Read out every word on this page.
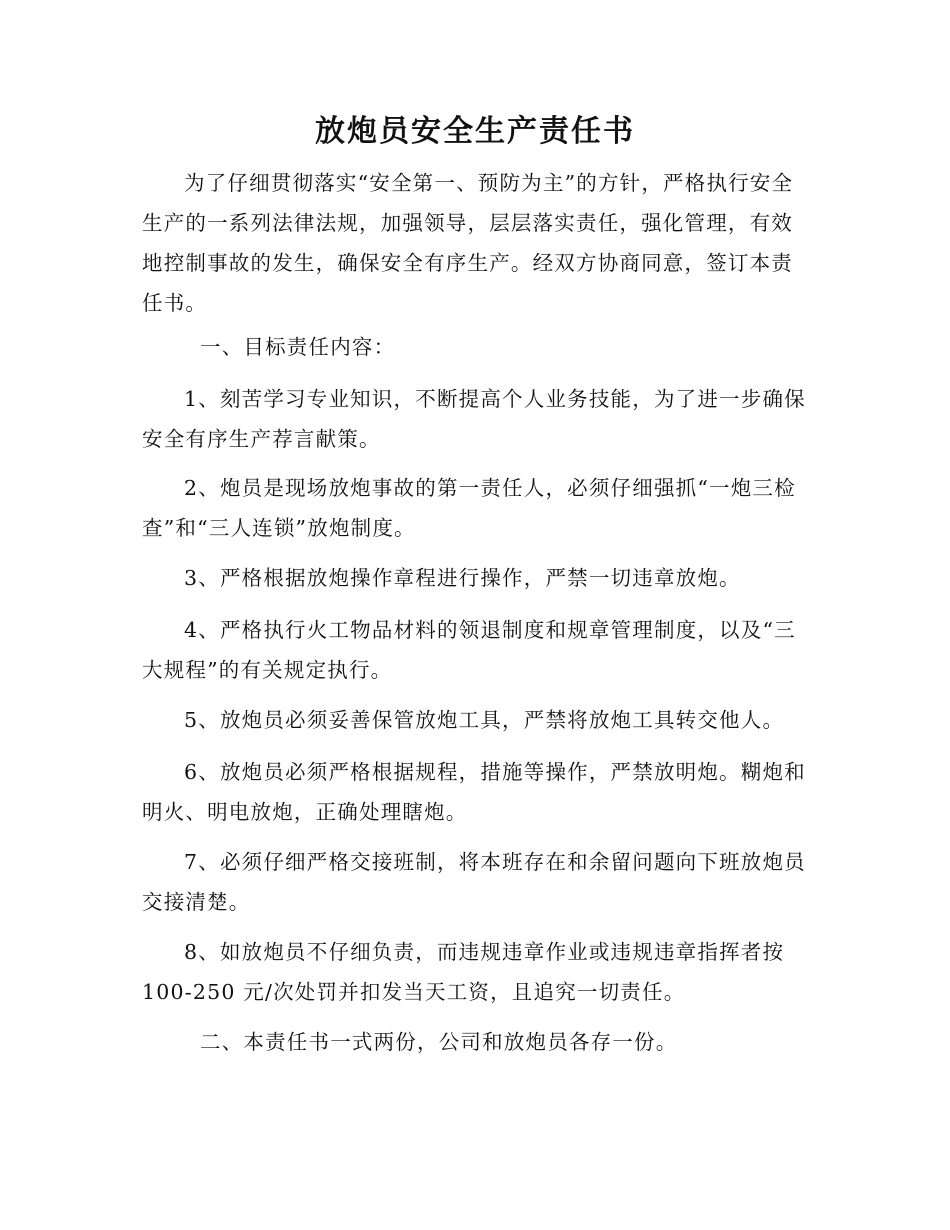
放炮员安全生产责任书

为了仔细贯彻落实“安全第一、预防为主”的方针，严格执行安全生产的一系列法律法规，加强领导，层层落实责任，强化管理，有效地控制事故的发生，确保安全有序生产。经双方协商同意，签订本责任书。

一、目标责任内容：

1、刻苦学习专业知识，不断提高个人业务技能，为了进一步确保安全有序生产荐言献策。

2、炮员是现场放炮事故的第一责任人，必须仔细强抓“一炮三检查”和“三人连锁”放炮制度。

3、严格根据放炮操作章程进行操作，严禁一切违章放炮。

4、严格执行火工物品材料的领退制度和规章管理制度，以及“三大规程”的有关规定执行。

5、放炮员必须妥善保管放炮工具，严禁将放炮工具转交他人。

6、放炮员必须严格根据规程，措施等操作，严禁放明炮。糊炮和明火、明电放炮，正确处理瞎炮。

7、必须仔细严格交接班制，将本班存在和余留问题向下班放炮员交接清楚。

8、如放炮员不仔细负责，而违规违章作业或违规违章指挥者按 100-250 元/次处罚并扣发当天工资，且追究一切责任。

二、本责任书一式两份，公司和放炮员各存一份。
